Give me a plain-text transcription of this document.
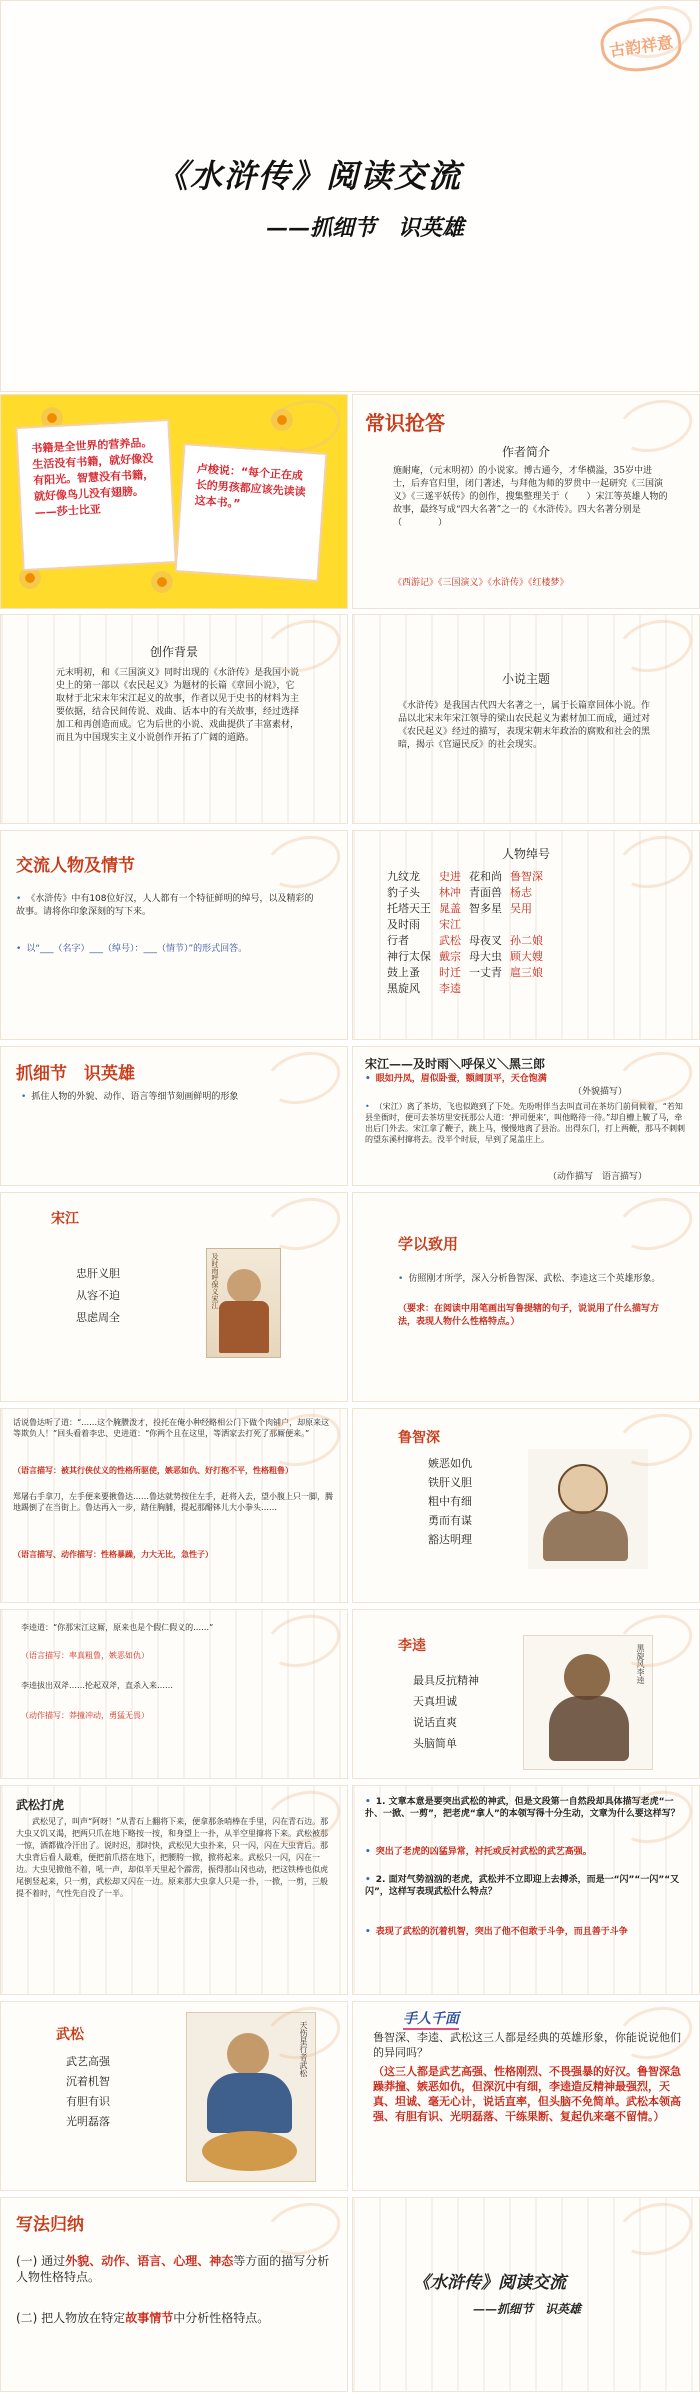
古韵祥意
《水浒传》阅读交流
——抓细节　识英雄
书籍是全世界的营养品。生活没有书籍，就好像没有阳光。智慧没有书籍，就好像鸟儿没有翅膀。——莎士比亚
卢梭说：“每个正在成长的男孩都应该先读读这本书。”
常识抢答
作者简介
施耐庵，（元末明初）的小说家。博古通今，才华横溢，35岁中进士，后弃官归里，闭门著述，与拜他为师的罗贯中一起研究《三国演义》《三遂平妖传》的创作，搜集整理关于（　　）宋江等英雄人物的故事，最终写成“四大名著”之一的《水浒传》。四大名著分别是（　　　　）
《西游记》《三国演义》《水浒传》《红楼梦》
创作背景
元末明初，和《三国演义》同时出现的《水浒传》是我国小说史上的第一部以《农民起义》为题材的长篇《章回小说》，它取材于北宋末年宋江起义的故事，作者以见于史书的材料为主要依据，结合民间传说、戏曲、话本中的有关故事，经过选择加工和再创造而成。它为后世的小说、戏曲提供了丰富素材，而且为中国现实主义小说创作开拓了广阔的道路。
小说主题
《水浒传》是我国古代四大名著之一，属于长篇章回体小说。作品以北宋末年宋江领导的梁山农民起义为素材加工而成，通过对《农民起义》经过的描写，表现宋朝末年政治的腐败和社会的黑暗，揭示《官逼民反》的社会现实。
交流人物及情节
• 《水浒传》中有108位好汉，人人都有一个特征鲜明的绰号，以及精彩的故事。请将你印象深刻的写下来。
• 以“___（名字）___（绰号）：___（情节）”的形式回答。
人物绰号
九纹龙	史进	花和尚	鲁智深
豹子头	林冲	青面兽	杨志
托塔天王	晁盖	智多星	吴用
及时雨	宋江		
行者	武松	母夜叉	孙二娘
神行太保	戴宗	母大虫	顾大嫂
鼓上蚤	时迁	一丈青	扈三娘
黑旋风	李逵		
抓细节　识英雄
• 抓住人物的外貌、动作、语言等细节刻画鲜明的形象
宋江——及时雨＼呼保义＼黑三郎
• 眼如丹凤，眉似卧蚕，额阔顶平，天仓饱满
（外貌描写）
• （宋江）离了茶坊，飞也似跑到了下处。先吩咐伴当去叫直司在茶坊门前伺候着，“若知县坐衙时，便可去茶坊里安抚那公人道：‘押司便来’，叫他略待一待。”却自槽上鞁了马，牵出后门外去。宋江拿了鞭子，跳上马，慢慢地离了县治。出得东门，打上两鞭，那马不刺刺的望东溪村撺将去。没半个时辰，早到了晁盖庄上。
（动作描写　语言描写）
宋江
忠肝义胆
从容不迫
思虑周全
及时雨呼保义宋江
学以致用
• 仿照刚才所学，深入分析鲁智深、武松、李逵这三个英雄形象。
（要求：在阅读中用笔画出写鲁提辖的句子，说说用了什么描写方法，表现人物什么性格特点。）
话说鲁达听了道：“……这个腌臜泼才，投托在俺小种经略相公门下做个肉铺户，却原来这等欺负人！”回头看着李忠、史进道：“你两个且在这里，等洒家去打死了那厮便来。”
（语言描写：被其行侠仗义的性格所驱使，嫉恶如仇、好打抱不平，性格粗鲁）
郑屠右手拿刀，左手便来要揪鲁达……鲁达就势按住左手，赶将入去，望小腹上只一脚，腾地踢倒了在当街上。鲁达再入一步，踏住胸脯，提起那醋钵儿大小拳头……
（语言描写、动作描写：性格暴躁，力大无比，急性子）
鲁智深
嫉恶如仇
铁肝义胆
粗中有细
勇而有谋
豁达明理
李逵道：“你那宋江这厮，原来也是个假仁假义的……”
（语言描写：率真粗鲁，嫉恶如仇）
李逵拔出双斧……抡起双斧，直杀入来……
（动作描写：莽撞冲动，勇猛无畏）
李逵
最具反抗精神
天真坦诚
说话直爽
头脑简单
黑旋风李逵
武松打虎
武松见了，叫声“阿呀！”从青石上翻将下来，便拿那条哨棒在手里，闪在青石边。那大虫又饥又渴，把两只爪在地下略按一按，和身望上一扑，从半空里撺将下来。武松被那一惊，酒都做冷汗出了。说时迟，那时快，武松见大虫扑来，只一闪，闪在大虫背后。那大虫背后看人最难，便把前爪搭在地下，把腰胯一掀，掀将起来。武松只一闪，闪在一边。大虫见掀他不着，吼一声，却似半天里起个霹雳，振得那山冈也动，把这铁棒也似虎尾倒竖起来，只一剪，武松却又闪在一边。原来那大虫拿人只是一扑，一掀，一剪，三般提不着时，气性先自没了一半。
• 1. 文章本意是要突出武松的神武，但是文段第一自然段却具体描写老虎“一扑、一掀、一剪”，把老虎“拿人”的本领写得十分生动，文章为什么要这样写？
• 突出了老虎的凶猛异常，衬托或反衬武松的武艺高强。
• 2. 面对气势汹汹的老虎，武松并不立即迎上去搏杀，而是一“闪”“一闪”“又闪”，这样写表现武松什么特点？
• 表现了武松的沉着机智，突出了他不但敢于斗争，而且善于斗争
武松
武艺高强
沉着机智
有胆有识
光明磊落
天伤星行者武松
手人千面
鲁智深、李逵、武松这三人都是经典的英雄形象，你能说说他们的异同吗？
（这三人都是武艺高强、性格刚烈、不畏强暴的好汉。鲁智深急躁莽撞、嫉恶如仇，但深沉中有细，李逵造反精神最强烈，天真、坦诚、毫无心计，说话直率，但头脑不免简单。武松本领高强、有胆有识、光明磊落、干练果断、复起仇来毫不留情。）
写法归纳
(一) 通过外貌、动作、语言、心理、神态等方面的描写分析人物性格特点。
(二) 把人物放在特定故事情节中分析性格特点。
《水浒传》阅读交流
——抓细节　识英雄
